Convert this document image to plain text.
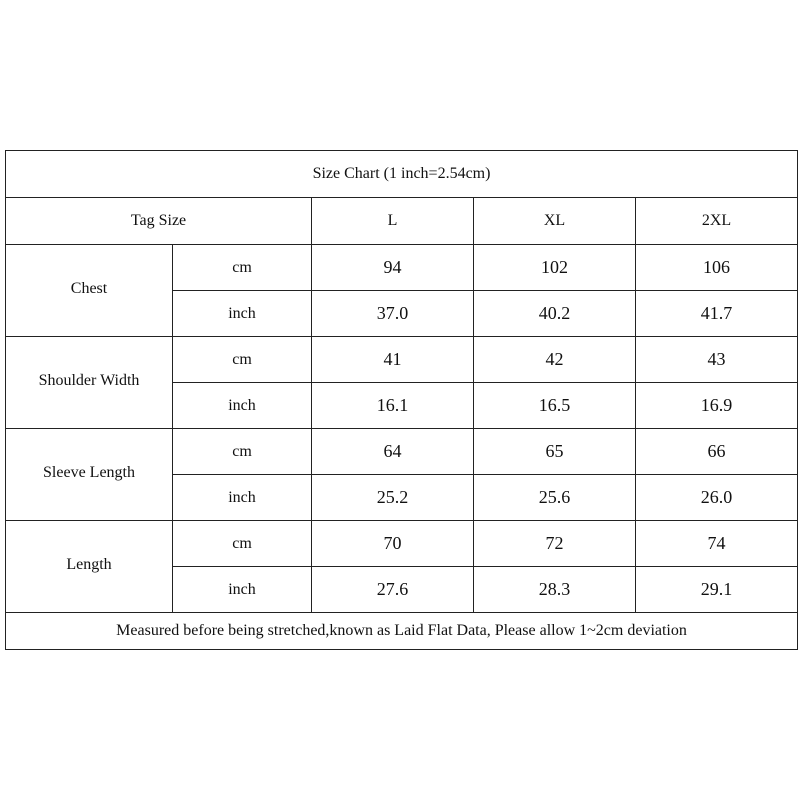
Size Chart (1 inch=2.54cm)				
Tag Size		L	XL	2XL
Chest	cm	94	102	106
	inch	37.0	40.2	41.7
Shoulder Width	cm	41	42	43
	inch	16.1	16.5	16.9
Sleeve Length	cm	64	65	66
	inch	25.2	25.6	26.0
Length	cm	70	72	74
	inch	27.6	28.3	29.1
Measured before being stretched,known as Laid Flat Data, Please allow 1~2cm deviation				
